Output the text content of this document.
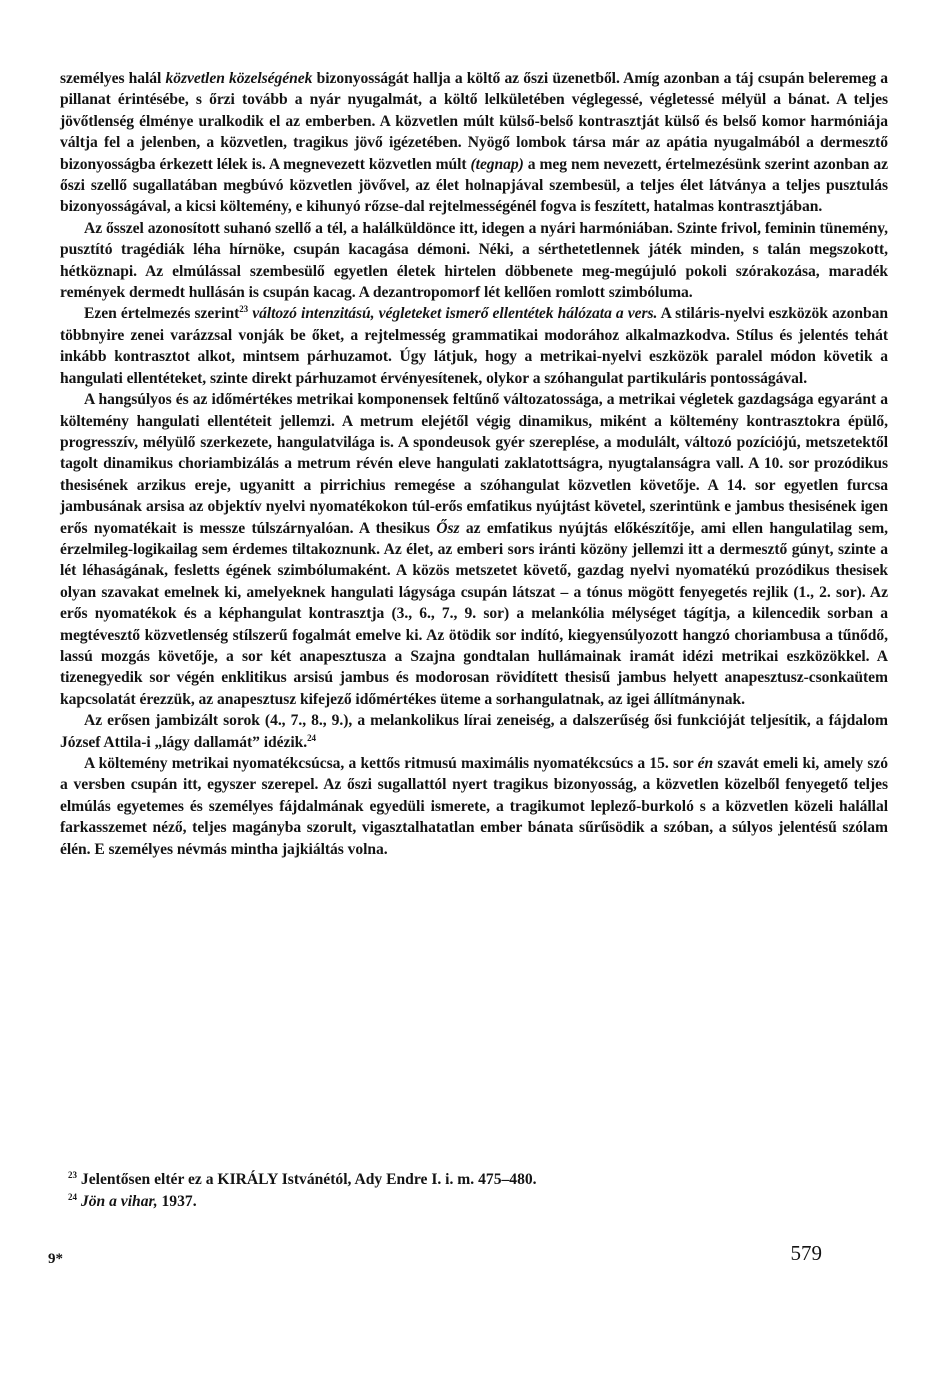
személyes halál közvetlen közelségének bizonyosságát hallja a költő az őszi üzenetből. Amíg azonban a táj csupán beleremeg a pillanat érintésébe, s őrzi tovább a nyár nyugalmát, a költő lelkületében véglegessé, végletessé mélyül a bánat. A teljes jövőtlenség élménye uralkodik el az emberben. A közvetlen múlt külső-belső kontrasztját külső és belső komor harmóniája váltja fel a jelenben, a közvetlen, tragikus jövő igézetében. Nyögő lombok társa már az apátia nyugalmából a dermesztő bizonyosságba érkezett lélek is. A megnevezett közvetlen múlt (tegnap) a meg nem nevezett, értelmezésünk szerint azonban az őszi szellő sugallatában megbúvó közvetlen jövővel, az élet holnapjával szembesül, a teljes élet látványa a teljes pusztulás bizonyosságával, a kicsi költemény, e kihunyó rőzse-dal rejtelmességénél fogva is feszített, hatalmas kontrasztjában.

Az ősszel azonosított suhanó szellő a tél, a halálküldönce itt, idegen a nyári harmóniában. Szinte frivol, feminin tünemény, pusztító tragédiák léha hírnöke, csupán kacagása démoni. Néki, a sérthetetlennek játék minden, s talán megszokott, hétköznapi. Az elmúlással szembesülő egyetlen életek hirtelen döbbenete meg-megújuló pokoli szórakozása, maradék remények dermedt hullásán is csupán kacag. A dezantropomorf lét kellően romlott szimbóluma.

Ezen értelmezés szerint$^{23}$ változó intenzitású, végleteket ismerő ellentétek hálózata a vers. A stiláris-nyelvi eszközök azonban többnyire zenei varázzsal vonják be őket, a rejtelmesség grammatikai modorához alkalmazkodva. Stílus és jelentés tehát inkább kontrasztot alkot, mintsem párhuzamot. Úgy látjuk, hogy a metrikai-nyelvi eszközök paralel módon követik a hangulati ellentéteket, szinte direkt párhuzamot érvényesítenek, olykor a szóhangulat partikuláris pontosságával.

A hangsúlyos és az időmértékes metrikai komponensek feltűnő változatossága, a metrikai végletek gazdagsága egyaránt a költemény hangulati ellentéteit jellemzi. A metrum elejétől végig dinamikus, miként a költemény kontrasztokra épülő, progresszív, mélyülő szerkezete, hangulatvilága is. A spondeusok gyér szereplése, a modulált, változó pozíciójú, metszetektől tagolt dinamikus choriambizálás a metrum révén eleve hangulati zaklatottságra, nyugtalanságra vall. A 10. sor prozódikus thesisének arzikus ereje, ugyanitt a pirrichius remegése a szóhangulat közvetlen követője. A 14. sor egyetlen furcsa jambusának arsisa az objektív nyelvi nyomatékokon túl-erős emfatikus nyújtást követel, szerintünk e jambus thesisének igen erős nyomatékait is messze túlszárnyalóan. A thesikus Ősz az emfatikus nyújtás előkészítője, ami ellen hangulatilag sem, érzelmileg-logikailag sem érdemes tiltakoznunk. Az élet, az emberi sors iránti közöny jellemzi itt a dermesztő gúnyt, szinte a lét léhaságának, fesletts égének szimbólumaként. A közös metszetet követő, gazdag nyelvi nyomatékú prozódikus thesisek olyan szavakat emelnek ki, amelyeknek hangulati lágysága csupán látszat – a tónus mögött fenyegetés rejlik (1., 2. sor). Az erős nyomatékok és a képhangulat kontrasztja (3., 6., 7., 9. sor) a melankólia mélységet tágítja, a kilencedik sorban a megtévesztő közvetlenség stílszerű fogalmát emelve ki. Az ötödik sor indító, kiegyensúlyozott hangzó choriambusa a tűnődő, lassú mozgás követője, a sor két anapesztusza a Szajna gondtalan hullámainak iramát idézi metrikai eszközökkel. A tizenegyedik sor végén enklitikus arsisú jambus és modorosan rövidített thesisű jambus helyett anapesztusz-csonkaütem kapcsolatát érezzük, az anapesztusz kifejező időmértékes üteme a sorhangulatnak, az igei állítmánynak.

Az erősen jambizált sorok (4., 7., 8., 9.), a melankolikus lírai zeneiség, a dalszerűség ősi funkcióját teljesítik, a fájdalom József Attila-i „lágy dallamát” idézik.$^{24}$

A költemény metrikai nyomatékcsúcsa, a kettős ritmusú maximális nyomatékcsúcs a 15. sor én szavát emeli ki, amely szó a versben csupán itt, egyszer szerepel. Az őszi sugallattól nyert tragikus bizonyosság, a közvetlen közelből fenyegető teljes elmúlás egyetemes és személyes fájdalmának egyedüli ismerete, a tragikumot leplező-burkoló s a közvetlen közeli halállal farkasszemet néző, teljes magányba szorult, vigasztalhatatlan ember bánata sűrűsödik a szóban, a súlyos jelentésű szólam élén. E személyes névmás mintha jajkiáltás volna.

$^{23}$ Jelentősen eltér ez a KIRÁLY Istvánétól, Ady Endre I. i. m. 475–480.

$^{24}$ Jön a vihar, 1937.

9*	579
